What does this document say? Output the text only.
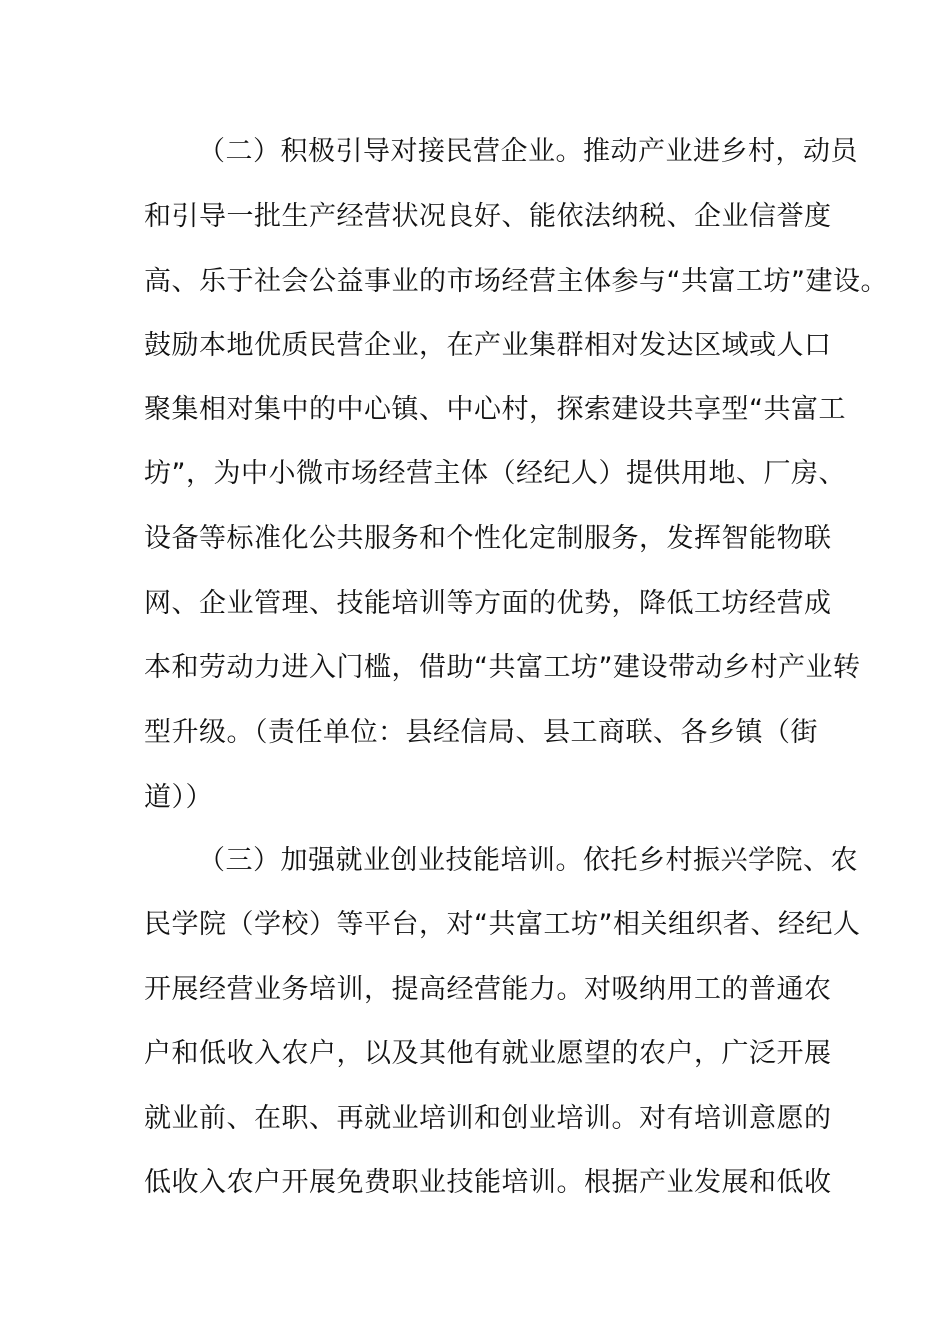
（二）积极引导对接民营企业。推动产业进乡村，动员

和引导一批生产经营状况良好、能依法纳税、企业信誉度

高、乐于社会公益事业的市场经营主体参与“共富工坊”建设。

鼓励本地优质民营企业，在产业集群相对发达区域或人口

聚集相对集中的中心镇、中心村，探索建设共享型“共富工

坊”，为中小微市场经营主体（经纪人）提供用地、厂房、

设备等标准化公共服务和个性化定制服务，发挥智能物联

网、企业管理、技能培训等方面的优势，降低工坊经营成

本和劳动力进入门槛，借助“共富工坊”建设带动乡村产业转

型升级。（责任单位：县经信局、县工商联、各乡镇（街

道））

（三）加强就业创业技能培训。依托乡村振兴学院、农

民学院（学校）等平台，对“共富工坊”相关组织者、经纪人

开展经营业务培训，提高经营能力。对吸纳用工的普通农

户和低收入农户，以及其他有就业愿望的农户，广泛开展

就业前、在职、再就业培训和创业培训。对有培训意愿的

低收入农户开展免费职业技能培训。根据产业发展和低收
